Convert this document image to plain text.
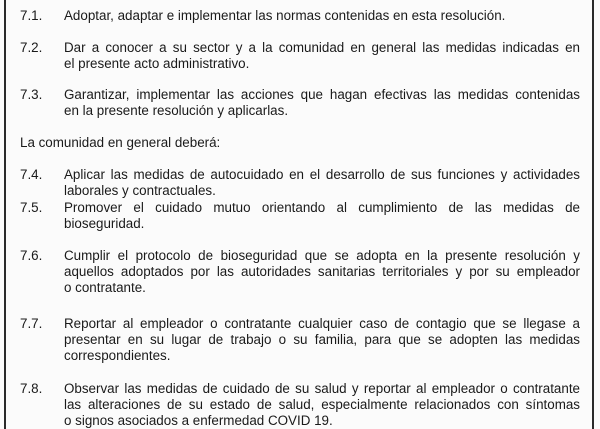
7.1. Adoptar, adaptar e implementar las normas contenidas en esta resolución.
7.2. Dar a conocer a su sector y a la comunidad en general las medidas indicadas en
el presente acto administrativo.
7.3. Garantizar, implementar las acciones que hagan efectivas las medidas contenidas
en la presente resolución y aplicarlas.
La comunidad en general deberá:
7.4. Aplicar las medidas de autocuidado en el desarrollo de sus funciones y actividades
laborales y contractuales.
7.5. Promover el cuidado mutuo orientando al cumplimiento de las medidas de
bioseguridad.
7.6. Cumplir el protocolo de bioseguridad que se adopta en la presente resolución y
aquellos adoptados por las autoridades sanitarias territoriales y por su empleador
o contratante.
7.7. Reportar al empleador o contratante cualquier caso de contagio que se llegase a
presentar en su lugar de trabajo o su familia, para que se adopten las medidas
correspondientes.
7.8. Observar las medidas de cuidado de su salud y reportar al empleador o contratante
las alteraciones de su estado de salud, especialmente relacionados con síntomas
o signos asociados a enfermedad COVID 19.
